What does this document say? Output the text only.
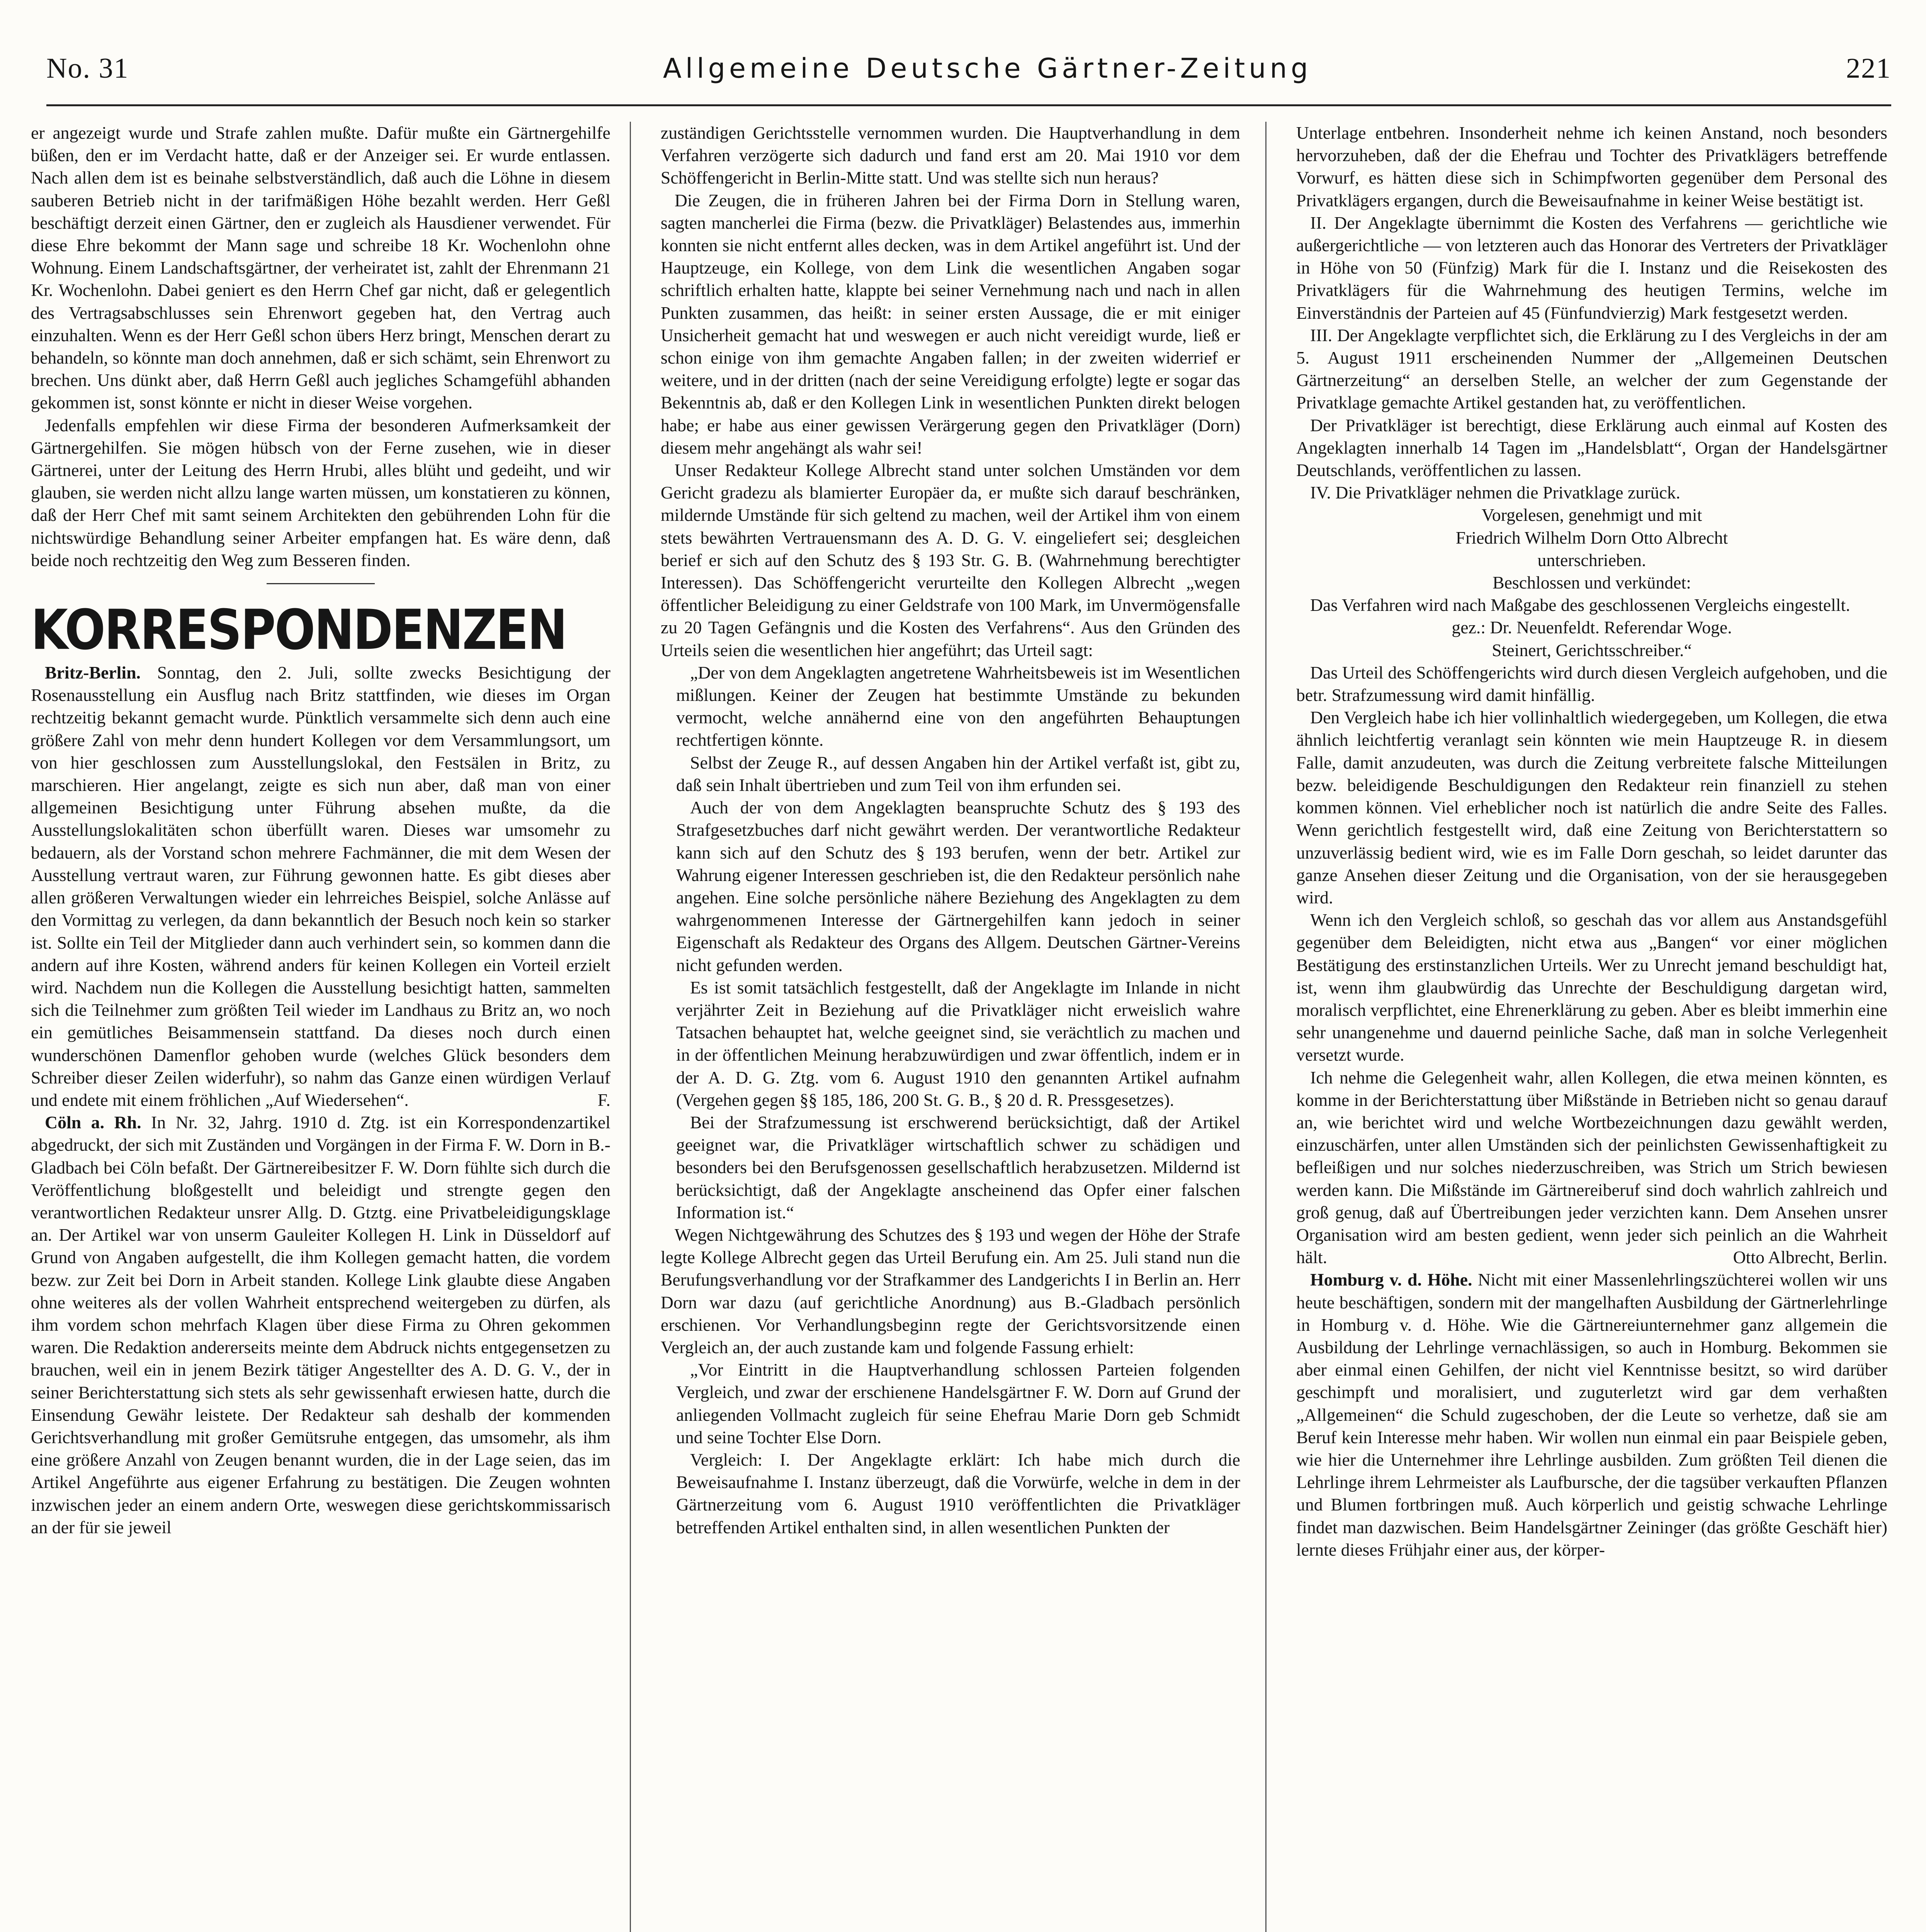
No. 31	Allgemeine Deutsche Gärtner-Zeitung	221

er angezeigt wurde und Strafe zahlen mußte. Dafür mußte ein Gärtnergehilfe büßen, den er im Verdacht hatte, daß er der Anzeiger sei. Er wurde entlassen. Nach allen dem ist es beinahe selbstverständlich, daß auch die Löhne in diesem sauberen Betrieb nicht in der tarifmäßigen Höhe bezahlt werden. Herr Geßl beschäftigt derzeit einen Gärtner, den er zugleich als Hausdiener verwendet. Für diese Ehre bekommt der Mann sage und schreibe 18 Kr. Wochenlohn ohne Wohnung. Einem Landschaftsgärtner, der verheiratet ist, zahlt der Ehrenmann 21 Kr. Wochenlohn. Dabei geniert es den Herrn Chef gar nicht, daß er gelegentlich des Vertragsabschlusses sein Ehrenwort gegeben hat, den Vertrag auch einzuhalten. Wenn es der Herr Geßl schon übers Herz bringt, Menschen derart zu behandeln, so könnte man doch annehmen, daß er sich schämt, sein Ehrenwort zu brechen. Uns dünkt aber, daß Herrn Geßl auch jegliches Schamgefühl abhanden gekommen ist, sonst könnte er nicht in dieser Weise vorgehen.

Jedenfalls empfehlen wir diese Firma der besonderen Aufmerksamkeit der Gärtnergehilfen. Sie mögen hübsch von der Ferne zusehen, wie in dieser Gärtnerei, unter der Leitung des Herrn Hrubi, alles blüht und gedeiht, und wir glauben, sie werden nicht allzu lange warten müssen, um konstatieren zu können, daß der Herr Chef mit samt seinem Architekten den gebührenden Lohn für die nichtswürdige Behandlung seiner Arbeiter empfangen hat. Es wäre denn, daß beide noch rechtzeitig den Weg zum Besseren finden.

KORRESPONDENZEN

Britz-Berlin. Sonntag, den 2. Juli, sollte zwecks Besichtigung der Rosenausstellung ein Ausflug nach Britz stattfinden, wie dieses im Organ rechtzeitig bekannt gemacht wurde. Pünktlich versammelte sich denn auch eine größere Zahl von mehr denn hundert Kollegen vor dem Versammlungsort, um von hier geschlossen zum Ausstellungslokal, den Festsälen in Britz, zu marschieren. Hier angelangt, zeigte es sich nun aber, daß man von einer allgemeinen Besichtigung unter Führung absehen mußte, da die Ausstellungslokalitäten schon überfüllt waren. Dieses war umsomehr zu bedauern, als der Vorstand schon mehrere Fachmänner, die mit dem Wesen der Ausstellung vertraut waren, zur Führung gewonnen hatte. Es gibt dieses aber allen größeren Verwaltungen wieder ein lehrreiches Beispiel, solche Anlässe auf den Vormittag zu verlegen, da dann bekanntlich der Besuch noch kein so starker ist. Sollte ein Teil der Mitglieder dann auch verhindert sein, so kommen dann die andern auf ihre Kosten, während anders für keinen Kollegen ein Vorteil erzielt wird. Nachdem nun die Kollegen die Ausstellung besichtigt hatten, sammelten sich die Teilnehmer zum größten Teil wieder im Landhaus zu Britz an, wo noch ein gemütliches Beisammensein stattfand. Da dieses noch durch einen wunderschönen Damenflor gehoben wurde (welches Glück besonders dem Schreiber dieser Zeilen widerfuhr), so nahm das Ganze einen würdigen Verlauf und endete mit einem fröhlichen „Auf Wiedersehen“.	F.

Cöln a. Rh. In Nr. 32, Jahrg. 1910 d. Ztg. ist ein Korrespondenzartikel abgedruckt, der sich mit Zuständen und Vorgängen in der Firma F. W. Dorn in B.-Gladbach bei Cöln befaßt. Der Gärtnereibesitzer F. W. Dorn fühlte sich durch die Veröffentlichung bloßgestellt und beleidigt und strengte gegen den verantwortlichen Redakteur unsrer Allg. D. Gtztg. eine Privatbeleidigungsklage an. Der Artikel war von unserm Gauleiter Kollegen H. Link in Düsseldorf auf Grund von Angaben aufgestellt, die ihm Kollegen gemacht hatten, die vordem bezw. zur Zeit bei Dorn in Arbeit standen. Kollege Link glaubte diese Angaben ohne weiteres als der vollen Wahrheit entsprechend weitergeben zu dürfen, als ihm vordem schon mehrfach Klagen über diese Firma zu Ohren gekommen waren. Die Redaktion andererseits meinte dem Abdruck nichts entgegensetzen zu brauchen, weil ein in jenem Bezirk tätiger Angestellter des A. D. G. V., der in seiner Berichterstattung sich stets als sehr gewissenhaft erwiesen hatte, durch die Einsendung Gewähr leistete. Der Redakteur sah deshalb der kommenden Gerichtsverhandlung mit großer Gemütsruhe entgegen, das umsomehr, als ihm eine größere Anzahl von Zeugen benannt wurden, die in der Lage seien, das im Artikel Angeführte aus eigener Erfahrung zu bestätigen. Die Zeugen wohnten inzwischen jeder an einem andern Orte, weswegen diese gerichtskommissarisch an der für sie jeweil

zuständigen Gerichtsstelle vernommen wurden. Die Hauptverhandlung in dem Verfahren verzögerte sich dadurch und fand erst am 20. Mai 1910 vor dem Schöffengericht in Berlin-Mitte statt. Und was stellte sich nun heraus?

Die Zeugen, die in früheren Jahren bei der Firma Dorn in Stellung waren, sagten mancherlei die Firma (bezw. die Privatkläger) Belastendes aus, immerhin konnten sie nicht entfernt alles decken, was in dem Artikel angeführt ist. Und der Hauptzeuge, ein Kollege, von dem Link die wesentlichen Angaben sogar schriftlich erhalten hatte, klappte bei seiner Vernehmung nach und nach in allen Punkten zusammen, das heißt: in seiner ersten Aussage, die er mit einiger Unsicherheit gemacht hat und weswegen er auch nicht vereidigt wurde, ließ er schon einige von ihm gemachte Angaben fallen; in der zweiten widerrief er weitere, und in der dritten (nach der seine Vereidigung erfolgte) legte er sogar das Bekenntnis ab, daß er den Kollegen Link in wesentlichen Punkten direkt belogen habe; er habe aus einer gewissen Verärgerung gegen den Privatkläger (Dorn) diesem mehr angehängt als wahr sei!

Unser Redakteur Kollege Albrecht stand unter solchen Umständen vor dem Gericht gradezu als blamierter Europäer da, er mußte sich darauf beschränken, mildernde Umstände für sich geltend zu machen, weil der Artikel ihm von einem stets bewährten Vertrauensmann des A. D. G. V. eingeliefert sei; desgleichen berief er sich auf den Schutz des § 193 Str. G. B. (Wahrnehmung berechtigter Interessen). Das Schöffengericht verurteilte den Kollegen Albrecht „wegen öffentlicher Beleidigung zu einer Geldstrafe von 100 Mark, im Unvermögensfalle zu 20 Tagen Gefängnis und die Kosten des Verfahrens“. Aus den Gründen des Urteils seien die wesentlichen hier angeführt; das Urteil sagt:

„Der von dem Angeklagten angetretene Wahrheitsbeweis ist im Wesentlichen mißlungen. Keiner der Zeugen hat bestimmte Umstände zu bekunden vermocht, welche annähernd eine von den angeführten Behauptungen rechtfertigen könnte.

Selbst der Zeuge R., auf dessen Angaben hin der Artikel verfaßt ist, gibt zu, daß sein Inhalt übertrieben und zum Teil von ihm erfunden sei.

Auch der von dem Angeklagten beanspruchte Schutz des § 193 des Strafgesetzbuches darf nicht gewährt werden. Der verantwortliche Redakteur kann sich auf den Schutz des § 193 berufen, wenn der betr. Artikel zur Wahrung eigener Interessen geschrieben ist, die den Redakteur persönlich nahe angehen. Eine solche persönliche nähere Beziehung des Angeklagten zu dem wahrgenommenen Interesse der Gärtnergehilfen kann jedoch in seiner Eigenschaft als Redakteur des Organs des Allgem. Deutschen Gärtner-Vereins nicht gefunden werden.

Es ist somit tatsächlich festgestellt, daß der Angeklagte im Inlande in nicht verjährter Zeit in Beziehung auf die Privatkläger nicht erweislich wahre Tatsachen behauptet hat, welche geeignet sind, sie verächtlich zu machen und in der öffentlichen Meinung herabzuwürdigen und zwar öffentlich, indem er in der A. D. G. Ztg. vom 6. August 1910 den genannten Artikel aufnahm (Vergehen gegen §§ 185, 186, 200 St. G. B., § 20 d. R. Pressgesetzes).

Bei der Strafzumessung ist erschwerend berücksichtigt, daß der Artikel geeignet war, die Privatkläger wirtschaftlich schwer zu schädigen und besonders bei den Berufsgenossen gesellschaftlich herabzusetzen. Mildernd ist berücksichtigt, daß der Angeklagte anscheinend das Opfer einer falschen Information ist.“

Wegen Nichtgewährung des Schutzes des § 193 und wegen der Höhe der Strafe legte Kollege Albrecht gegen das Urteil Berufung ein. Am 25. Juli stand nun die Berufungsverhandlung vor der Strafkammer des Landgerichts I in Berlin an. Herr Dorn war dazu (auf gerichtliche Anordnung) aus B.-Gladbach persönlich erschienen. Vor Verhandlungsbeginn regte der Gerichtsvorsitzende einen Vergleich an, der auch zustande kam und folgende Fassung erhielt:

„Vor Eintritt in die Hauptverhandlung schlossen Parteien folgenden Vergleich, und zwar der erschienene Handelsgärtner F. W. Dorn auf Grund der anliegenden Vollmacht zugleich für seine Ehefrau Marie Dorn geb Schmidt und seine Tochter Else Dorn.

Vergleich: I. Der Angeklagte erklärt: Ich habe mich durch die Beweisaufnahme I. Instanz überzeugt, daß die Vorwürfe, welche in dem in der Gärtnerzeitung vom 6. August 1910 veröffentlichten die Privatkläger betreffenden Artikel enthalten sind, in allen wesentlichen Punkten der

Unterlage entbehren. Insonderheit nehme ich keinen Anstand, noch besonders hervorzuheben, daß der die Ehefrau und Tochter des Privatklägers betreffende Vorwurf, es hätten diese sich in Schimpfworten gegenüber dem Personal des Privatklägers ergangen, durch die Beweisaufnahme in keiner Weise bestätigt ist.

II. Der Angeklagte übernimmt die Kosten des Verfahrens — gerichtliche wie außergerichtliche — von letzteren auch das Honorar des Vertreters der Privatkläger in Höhe von 50 (Fünfzig) Mark für die I. Instanz und die Reisekosten des Privatklägers für die Wahrnehmung des heutigen Termins, welche im Einverständnis der Parteien auf 45 (Fünfundvierzig) Mark festgesetzt werden.

III. Der Angeklagte verpflichtet sich, die Erklärung zu I des Vergleichs in der am 5. August 1911 erscheinenden Nummer der „Allgemeinen Deutschen Gärtnerzeitung“ an derselben Stelle, an welcher der zum Gegenstande der Privatklage gemachte Artikel gestanden hat, zu veröffentlichen.

Der Privatkläger ist berechtigt, diese Erklärung auch einmal auf Kosten des Angeklagten innerhalb 14 Tagen im „Handelsblatt“, Organ der Handelsgärtner Deutschlands, veröffentlichen zu lassen.

IV. Die Privatkläger nehmen die Privatklage zurück.

Vorgelesen, genehmigt und mit

Friedrich Wilhelm Dorn Otto Albrecht

unterschrieben.

Beschlossen und verkündet:

Das Verfahren wird nach Maßgabe des geschlossenen Vergleichs eingestellt.

gez.: Dr. Neuenfeldt. Referendar Woge.

Steinert, Gerichtsschreiber.“

Das Urteil des Schöffengerichts wird durch diesen Vergleich aufgehoben, und die betr. Strafzumessung wird damit hinfällig.

Den Vergleich habe ich hier vollinhaltlich wiedergegeben, um Kollegen, die etwa ähnlich leichtfertig veranlagt sein könnten wie mein Hauptzeuge R. in diesem Falle, damit anzudeuten, was durch die Zeitung verbreitete falsche Mitteilungen bezw. beleidigende Beschuldigungen den Redakteur rein finanziell zu stehen kommen können. Viel erheblicher noch ist natürlich die andre Seite des Falles. Wenn gerichtlich festgestellt wird, daß eine Zeitung von Berichterstattern so unzuverlässig bedient wird, wie es im Falle Dorn geschah, so leidet darunter das ganze Ansehen dieser Zeitung und die Organisation, von der sie herausgegeben wird.

Wenn ich den Vergleich schloß, so geschah das vor allem aus Anstandsgefühl gegenüber dem Beleidigten, nicht etwa aus „Bangen“ vor einer möglichen Bestätigung des erstinstanzlichen Urteils. Wer zu Unrecht jemand beschuldigt hat, ist, wenn ihm glaubwürdig das Unrechte der Beschuldigung dargetan wird, moralisch verpflichtet, eine Ehrenerklärung zu geben. Aber es bleibt immerhin eine sehr unangenehme und dauernd peinliche Sache, daß man in solche Verlegenheit versetzt wurde.

Ich nehme die Gelegenheit wahr, allen Kollegen, die etwa meinen könnten, es komme in der Berichterstattung über Mißstände in Betrieben nicht so genau darauf an, wie berichtet wird und welche Wortbezeichnungen dazu gewählt werden, einzuschärfen, unter allen Umständen sich der peinlichsten Gewissenhaftigkeit zu befleißigen und nur solches niederzuschreiben, was Strich um Strich bewiesen werden kann. Die Mißstände im Gärtnereiberuf sind doch wahrlich zahlreich und groß genug, daß auf Übertreibungen jeder verzichten kann. Dem Ansehen unsrer Organisation wird am besten gedient, wenn jeder sich peinlich an die Wahrheit hält.	Otto Albrecht, Berlin.

Homburg v. d. Höhe. Nicht mit einer Massenlehrlingszüchterei wollen wir uns heute beschäftigen, sondern mit der mangelhaften Ausbildung der Gärtnerlehrlinge in Homburg v. d. Höhe. Wie die Gärtnereiunternehmer ganz allgemein die Ausbildung der Lehrlinge vernachlässigen, so auch in Homburg. Bekommen sie aber einmal einen Gehilfen, der nicht viel Kenntnisse besitzt, so wird darüber geschimpft und moralisiert, und zuguterletzt wird gar dem verhaßten „Allgemeinen“ die Schuld zugeschoben, der die Leute so verhetze, daß sie am Beruf kein Interesse mehr haben. Wir wollen nun einmal ein paar Beispiele geben, wie hier die Unternehmer ihre Lehrlinge ausbilden. Zum größten Teil dienen die Lehrlinge ihrem Lehrmeister als Laufbursche, der die tagsüber verkauften Pflanzen und Blumen fortbringen muß. Auch körperlich und geistig schwache Lehrlinge findet man dazwischen. Beim Handelsgärtner Zeininger (das größte Geschäft hier) lernte dieses Frühjahr einer aus, der körper-
